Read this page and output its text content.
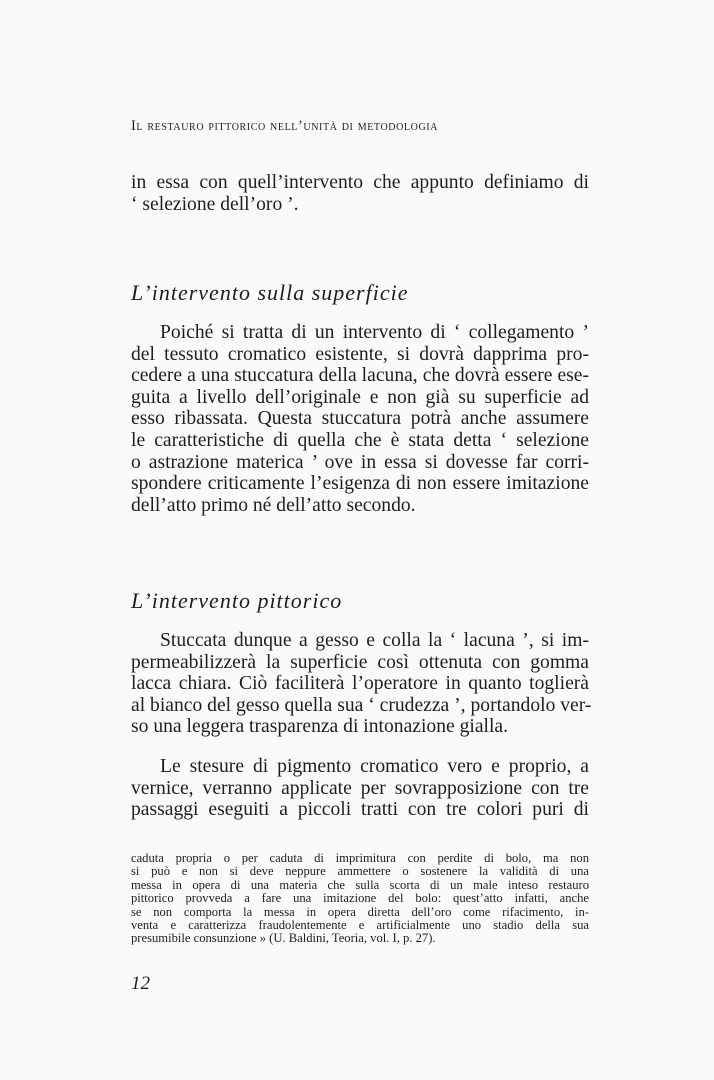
Il restauro pittorico nell’unità di metodologia
in essa con quell’intervento che appunto definiamo di
‘ selezione dell’oro ’.
L’intervento sulla superficie
Poiché si tratta di un intervento di ‘ collegamento ’
del tessuto cromatico esistente, si dovrà dapprima pro-
cedere a una stuccatura della lacuna, che dovrà essere ese-
guita a livello dell’originale e non già su superficie ad
esso ribassata. Questa stuccatura potrà anche assumere
le caratteristiche di quella che è stata detta ‘ selezione
o astrazione materica ’ ove in essa si dovesse far corri-
spondere criticamente l’esigenza di non essere imitazione
dell’atto primo né dell’atto secondo.
L’intervento pittorico
Stuccata dunque a gesso e colla la ‘ lacuna ’, si im-
permeabilizzerà la superficie così ottenuta con gomma
lacca chiara. Ciò faciliterà l’operatore in quanto toglierà
al bianco del gesso quella sua ‘ crudezza ’, portandolo ver-
so una leggera trasparenza di intonazione gialla.
Le stesure di pigmento cromatico vero e proprio, a
vernice, verranno applicate per sovrapposizione con tre
passaggi eseguiti a piccoli tratti con tre colori puri di
caduta propria o per caduta di imprimitura con perdite di bolo, ma non
si può e non si deve neppure ammettere o sostenere la validità di una
messa in opera di una materia che sulla scorta di un male inteso restauro
pittorico provveda a fare una imitazione del bolo: quest’atto infatti, anche
se non comporta la messa in opera diretta dell’oro come rifacimento, in-
venta e caratterizza fraudolentemente e artificialmente uno stadio della sua
presumibile consunzione » (U. Baldini, Teoria, vol. I, p. 27).
12
